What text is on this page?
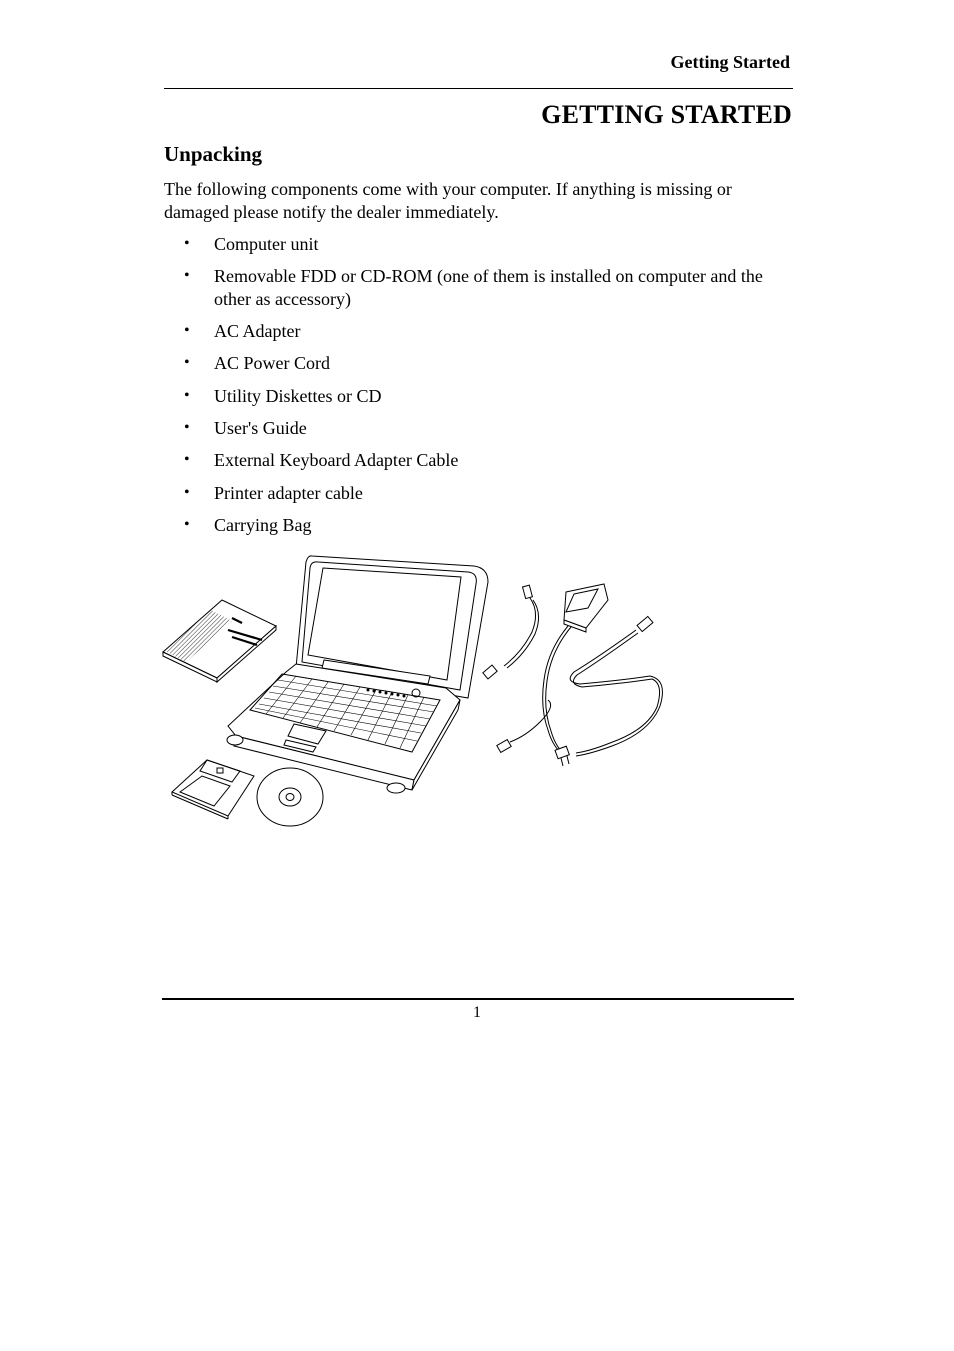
Getting Started
GETTING STARTED
Unpacking

The following components come with your computer. If anything is missing or damaged please notify the dealer immediately.

• Computer unit
• Removable FDD or CD-ROM (one of them is installed on computer and the other as accessory)
• AC Adapter
• AC Power Cord
• Utility Diskettes or CD
• User's Guide
• External Keyboard Adapter Cable
• Printer adapter cable
• Carrying Bag
1
